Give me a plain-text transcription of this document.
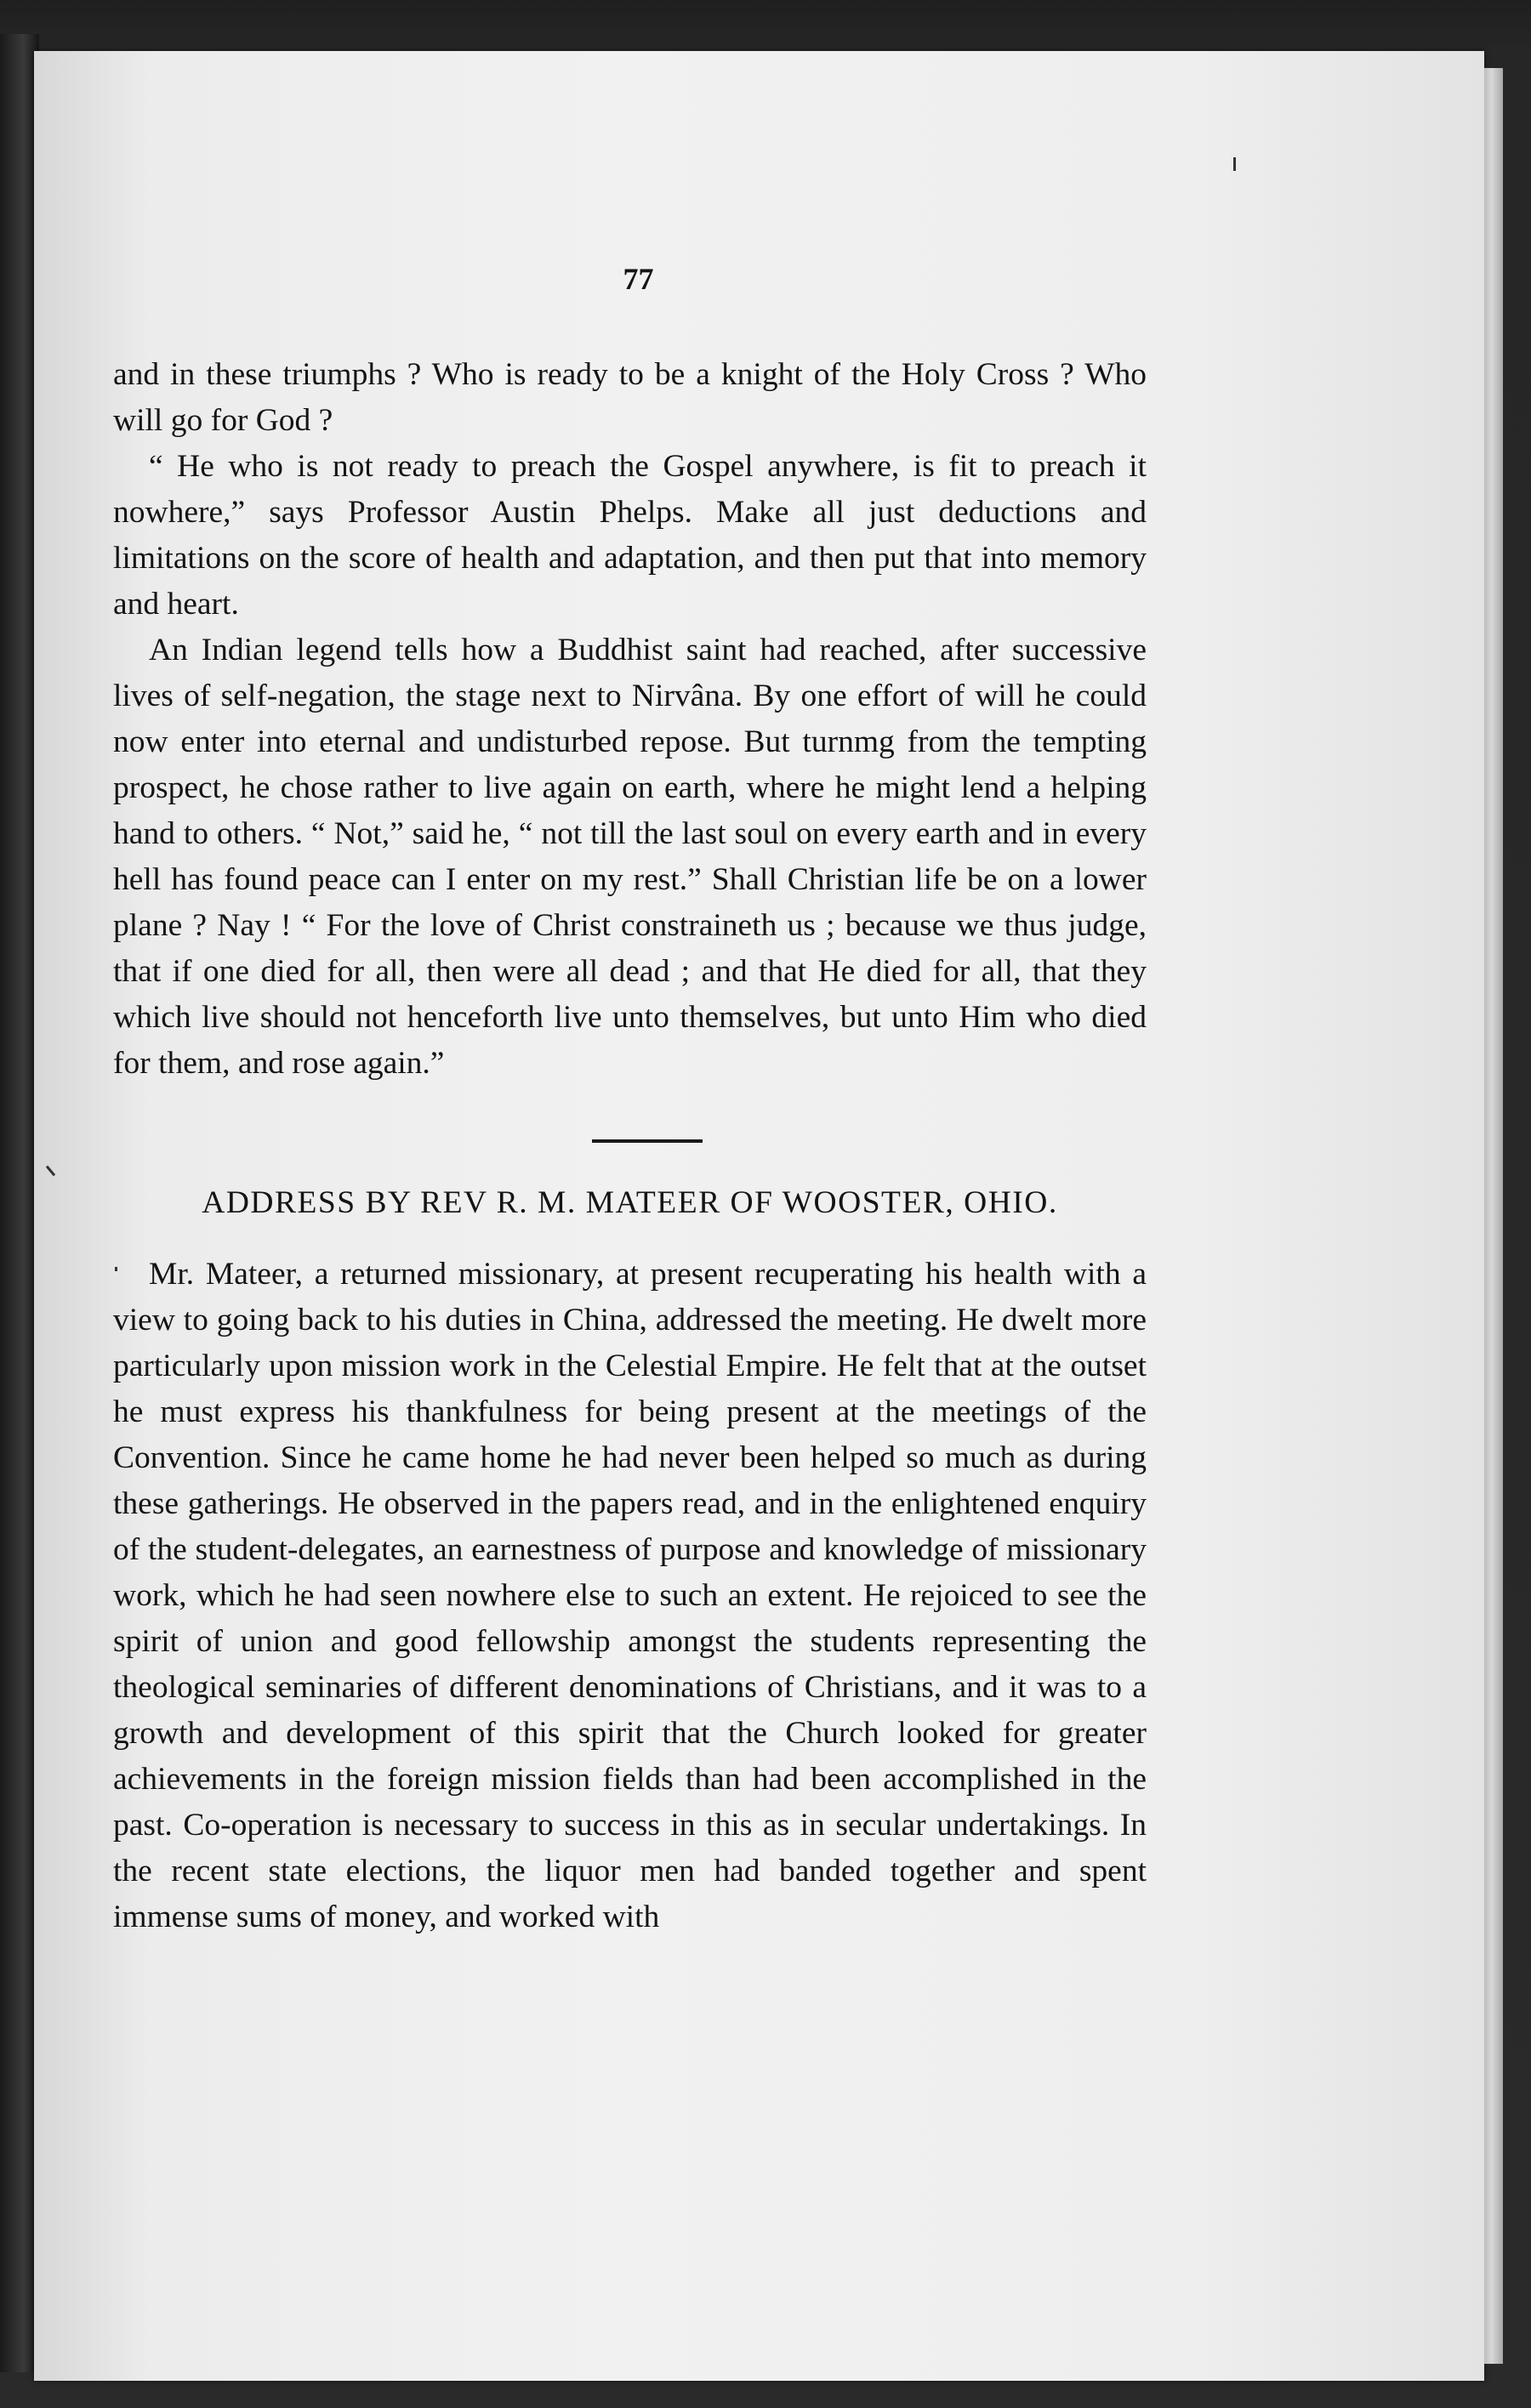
77

and in these triumphs ? Who is ready to be a knight of the Holy Cross ? Who will go for God ?

“ He who is not ready to preach the Gospel anywhere, is fit to preach it nowhere,” says Professor Austin Phelps. Make all just deductions and limitations on the score of health and adaptation, and then put that into memory and heart.

An Indian legend tells how a Buddhist saint had reached, after successive lives of self-negation, the stage next to Nirvâna. By one effort of will he could now enter into eternal and undisturbed repose. But turnmg from the tempting prospect, he chose rather to live again on earth, where he might lend a helping hand to others. “ Not,” said he, “ not till the last soul on every earth and in every hell has found peace can I enter on my rest.” Shall Christian life be on a lower plane ? Nay ! “ For the love of Christ constraineth us ; because we thus judge, that if one died for all, then were all dead ; and that He died for all, that they which live should not henceforth live unto themselves, but unto Him who died for them, and rose again.”

ADDRESS BY REV R. M. MATEER OF WOOSTER, OHIO.

Mr. Mateer, a returned missionary, at present recuperating his health with a view to going back to his duties in China, addressed the meeting. He dwelt more particularly upon mission work in the Celestial Empire. He felt that at the outset he must express his thankfulness for being present at the meetings of the Convention. Since he came home he had never been helped so much as during these gatherings. He observed in the papers read, and in the enlightened enquiry of the student-delegates, an earnestness of purpose and knowledge of missionary work, which he had seen nowhere else to such an extent. He rejoiced to see the spirit of union and good fellowship amongst the students representing the theological seminaries of different denominations of Christians, and it was to a growth and development of this spirit that the Church looked for greater achievements in the foreign mission fields than had been accomplished in the past. Co-operation is necessary to success in this as in secular undertakings. In the recent state elections, the liquor men had banded together and spent immense sums of money, and worked with
